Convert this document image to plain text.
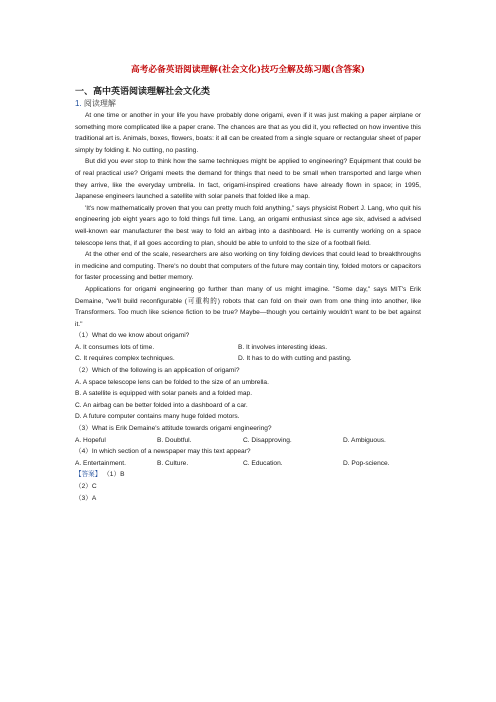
高考必备英语阅读理解(社会文化)技巧全解及练习题(含答案)
一、高中英语阅读理解社会文化类
1. 阅读理解

At one time or another in your life you have probably done origami, even if it was just making a paper airplane or something more complicated like a paper crane. The chances are that as you did it, you reflected on how inventive this traditional art is. Animals, boxes, flowers, boats: it all can be created from a single square or rectangular sheet of paper simply by folding it. No cutting, no pasting.

But did you ever stop to think how the same techniques might be applied to engineering? Equipment that could be of real practical use? Origami meets the demand for things that need to be small when transported and large when they arrive, like the everyday umbrella. In fact, origami-inspired creations have already flown in space; in 1995, Japanese engineers launched a satellite with solar panels that folded like a map.

'It's now mathematically proven that you can pretty much fold anything," says physicist Robert J. Lang, who quit his engineering job eight years ago to fold things full time. Lang, an origami enthusiast since age six, advised a advised well-known ear manufacturer the best way to fold an airbag into a dashboard. He is currently working on a space telescope lens that, if all goes according to plan, should be able to unfold to the size of a football field.

At the other end of the scale, researchers are also working on tiny folding devices that could lead to breakthroughs in medicine and computing. There's no doubt that computers of the future may contain tiny, folded motors or capacitors for faster processing and better memory.

Applications for origami engineering go further than many of us might imagine. "Some day," says MIT's Erik Demaine, "we'll build reconfigurable (可重构的) robots that can fold on their own from one thing into another, like Transformers. Too much like science fiction to be true? Maybe—though you certainly wouldn't want to be bet against it."

（1）What do we know about origami?
A. It consumes lots of time.	B. It involves interesting ideas.
C. It requires complex techniques.	D. It has to do with cutting and pasting.
（2）Which of the following is an application of origami?
A. A space telescope lens can be folded to the size of an umbrella.
B. A satellite is equipped with solar panels and a folded map.
C. An airbag can be better folded into a dashboard of a car.
D. A future computer contains many huge folded motors.
（3）What is Erik Demaine's attitude towards origami engineering?
A. Hopeful	B. Doubtful.	C. Disapproving.	D. Ambiguous.
（4）In which section of a newspaper may this text appear?
A. Entertainment.	B. Culture.	C. Education.	D. Pop-science.
【答案】 （1）B
（2）C
（3）A
